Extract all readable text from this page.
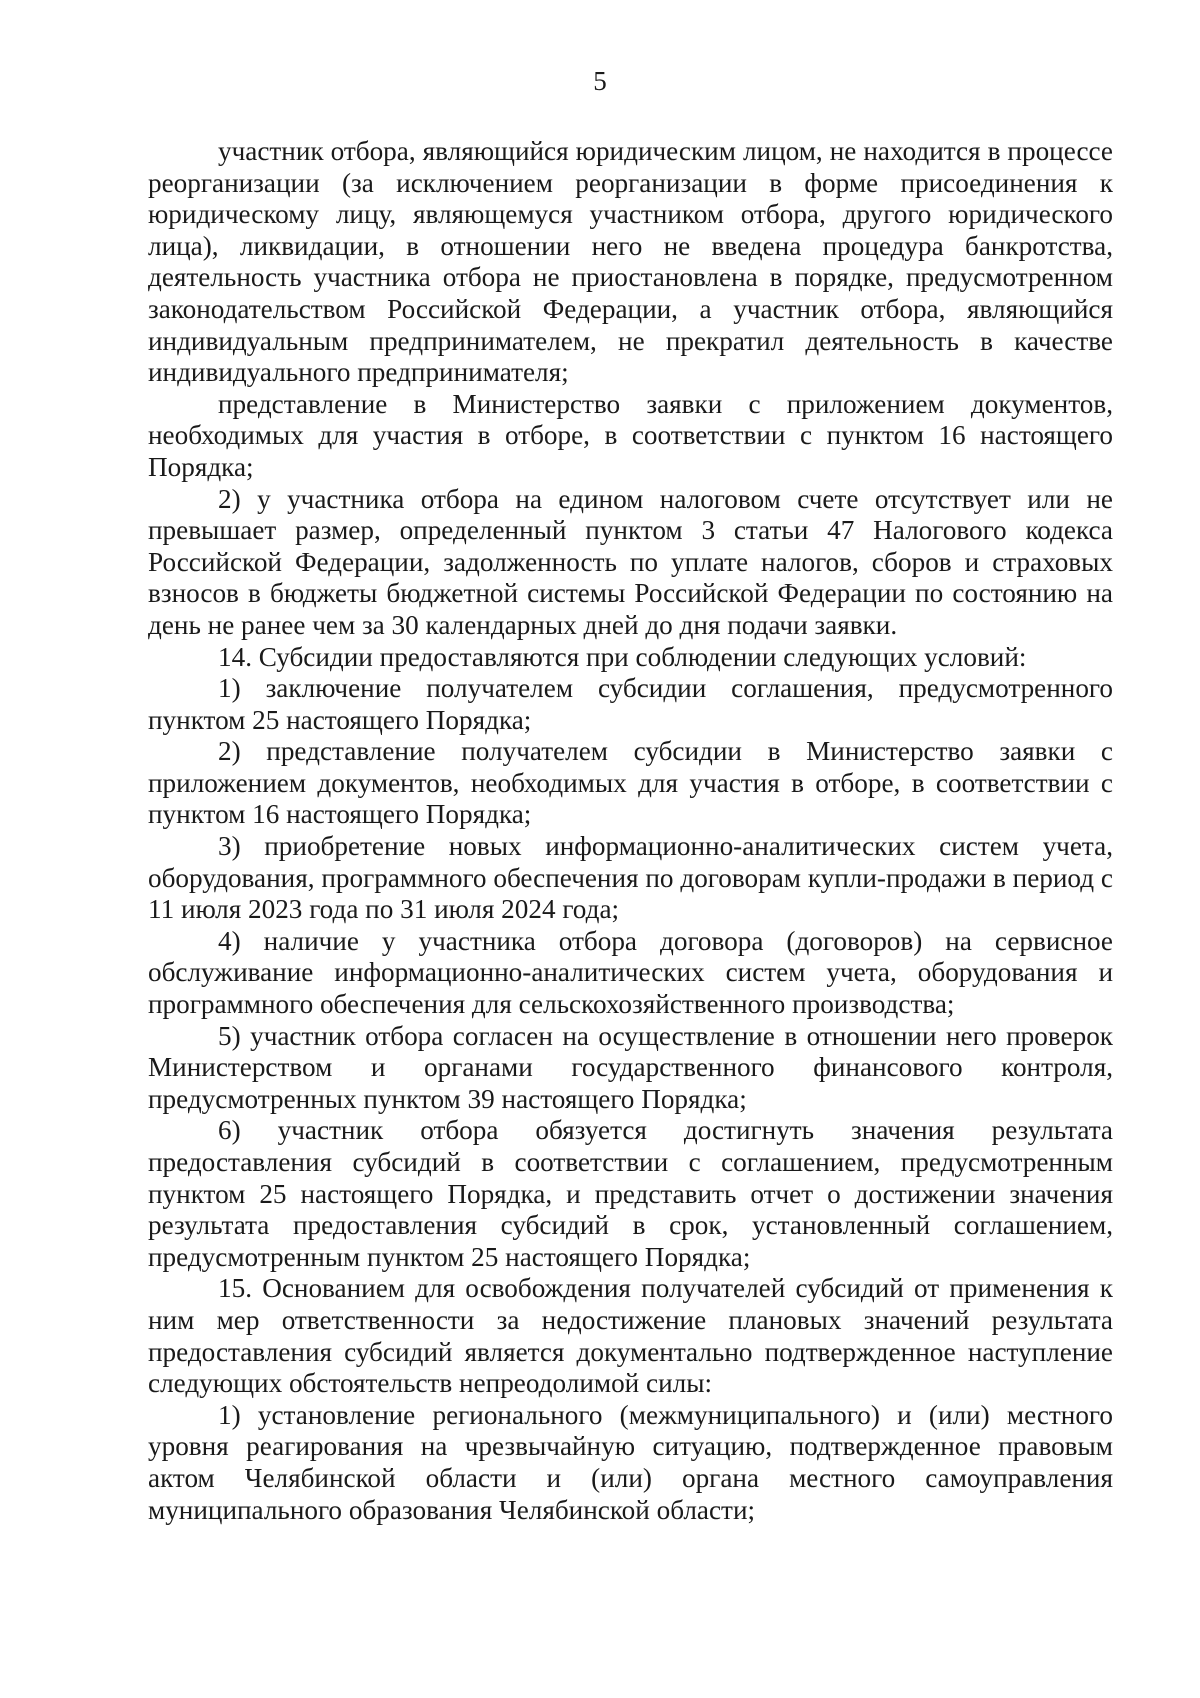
5

участник отбора, являющийся юридическим лицом, не находится в процессе реорганизации (за исключением реорганизации в форме присоединения к юридическому лицу, являющемуся участником отбора, другого юридического лица), ликвидации, в отношении него не введена процедура банкротства, деятельность участника отбора не приостановлена в порядке, предусмотренном законодательством Российской Федерации, а участник отбора, являющийся индивидуальным предпринимателем, не прекратил деятельность в качестве индивидуального предпринимателя;

представление в Министерство заявки с приложением документов, необходимых для участия в отборе, в соответствии с пунктом 16 настоящего Порядка;

2) у участника отбора на едином налоговом счете отсутствует или не превышает размер, определенный пунктом 3 статьи 47 Налогового кодекса Российской Федерации, задолженность по уплате налогов, сборов и страховых взносов в бюджеты бюджетной системы Российской Федерации по состоянию на день не ранее чем за 30 календарных дней до дня подачи заявки.

14. Субсидии предоставляются при соблюдении следующих условий:

1) заключение получателем субсидии соглашения, предусмотренного пунктом 25 настоящего Порядка;

2) представление получателем субсидии в Министерство заявки с приложением документов, необходимых для участия в отборе, в соответствии с пунктом 16 настоящего Порядка;

3) приобретение новых информационно-аналитических систем учета, оборудования, программного обеспечения по договорам купли-продажи в период с 11 июля 2023 года по 31 июля 2024 года;

4) наличие у участника отбора договора (договоров) на сервисное обслуживание информационно-аналитических систем учета, оборудования и программного обеспечения для сельскохозяйственного производства;

5) участник отбора согласен на осуществление в отношении него проверок Министерством и органами государственного финансового контроля, предусмотренных пунктом 39 настоящего Порядка;

6) участник отбора обязуется достигнуть значения результата предоставления субсидий в соответствии с соглашением, предусмотренным пунктом 25 настоящего Порядка, и представить отчет о достижении значения результата предоставления субсидий в срок, установленный соглашением, предусмотренным пунктом 25 настоящего Порядка;

15. Основанием для освобождения получателей субсидий от применения к ним мер ответственности за недостижение плановых значений результата предоставления субсидий является документально подтвержденное наступление следующих обстоятельств непреодолимой силы:

1) установление регионального (межмуниципального) и (или) местного уровня реагирования на чрезвычайную ситуацию, подтвержденное правовым актом Челябинской области и (или) органа местного самоуправления муниципального образования Челябинской области;
